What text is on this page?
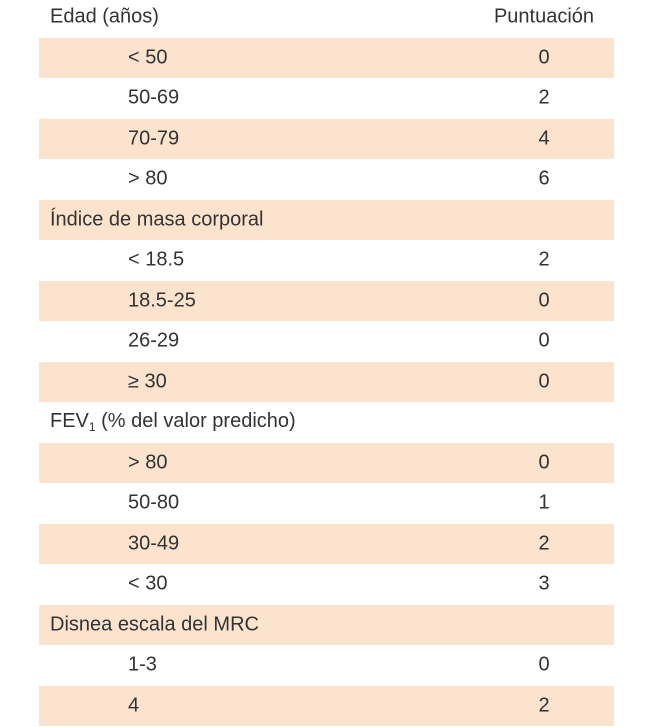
Edad (años)	Puntuación
< 50	0
50-69	2
70-79	4
> 80	6
Índice de masa corporal
< 18.5	2
18.5-25	0
26-29	0
≥ 30	0
$FEV_1$ (% del valor predicho)
> 80	0
50-80	1
30-49	2
< 30	3
Disnea escala del MRC
1-3	0
4	2
